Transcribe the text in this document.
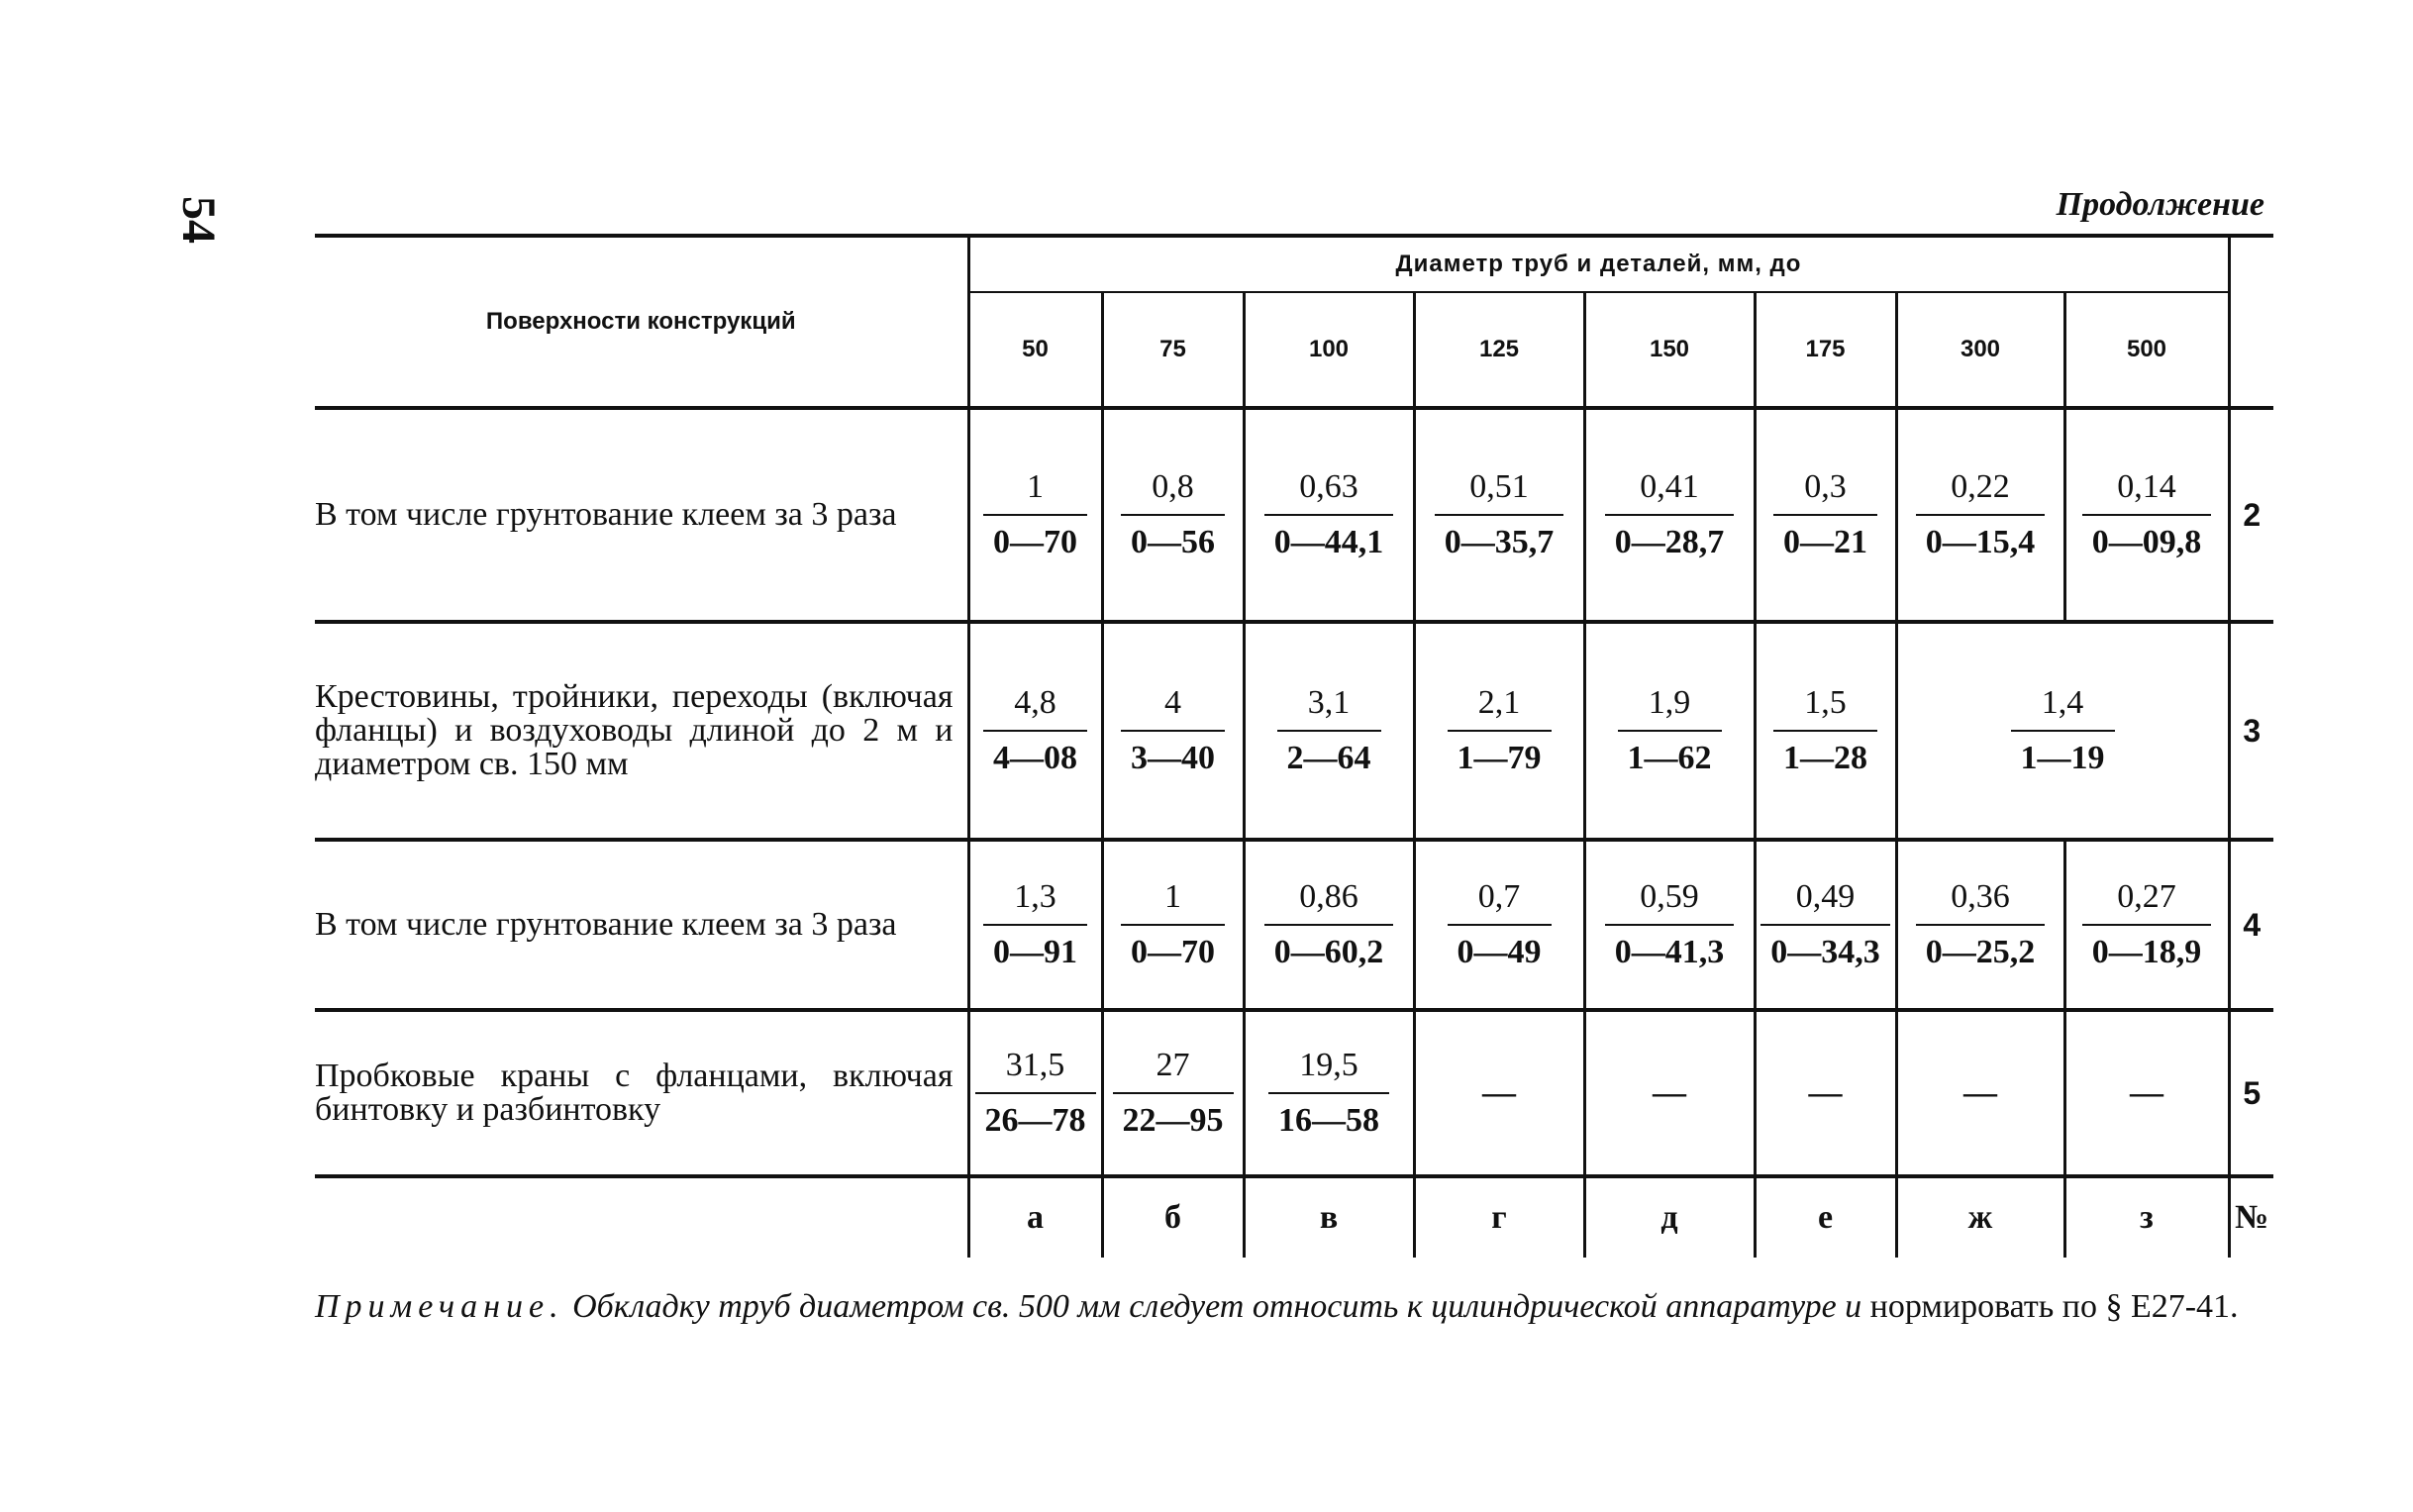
54	Продолжение

Поверхности конструкций	Диаметр труб и деталей, мм, до								
	50	75	100	125	150	175	300	500	

В том числе грунтование клеем за 3 раза	$\frac{1}{0—70}$	$\frac{0,8}{0—56}$	$\frac{0,63}{0—44,1}$	$\frac{0,51}{0—35,7}$	$\frac{0,41}{0—28,7}$	$\frac{0,3}{0—21}$	$\frac{0,22}{0—15,4}$	$\frac{0,14}{0—09,8}$	2

Крестовины, тройники, переходы (включая фланцы) и воздуховоды длиной до 2 м и диаметром св. 150 мм	$\frac{4,8}{4—08}$	$\frac{4}{3—40}$	$\frac{3,1}{2—64}$	$\frac{2,1}{1—79}$	$\frac{1,9}{1—62}$	$\frac{1,5}{1—28}$	$\frac{1,4}{1—19}$		3

В том числе грунтование клеем за 3 раза	$\frac{1,3}{0—91}$	$\frac{1}{0—70}$	$\frac{0,86}{0—60,2}$	$\frac{0,7}{0—49}$	$\frac{0,59}{0—41,3}$	$\frac{0,49}{0—34,3}$	$\frac{0,36}{0—25,2}$	$\frac{0,27}{0—18,9}$	4

Пробковые краны с фланцами, включая бинтовку и разбинтовку	$\frac{31,5}{26—78}$	$\frac{27}{22—95}$	$\frac{19,5}{16—58}$	—	—	—	—	—	5

	а	б	в	г	д	е	ж	з	№
Примечание. Обкладку труб диаметром св. 500 мм следует относить к цилиндрической аппаратуре и нормировать по § Е27-41.
